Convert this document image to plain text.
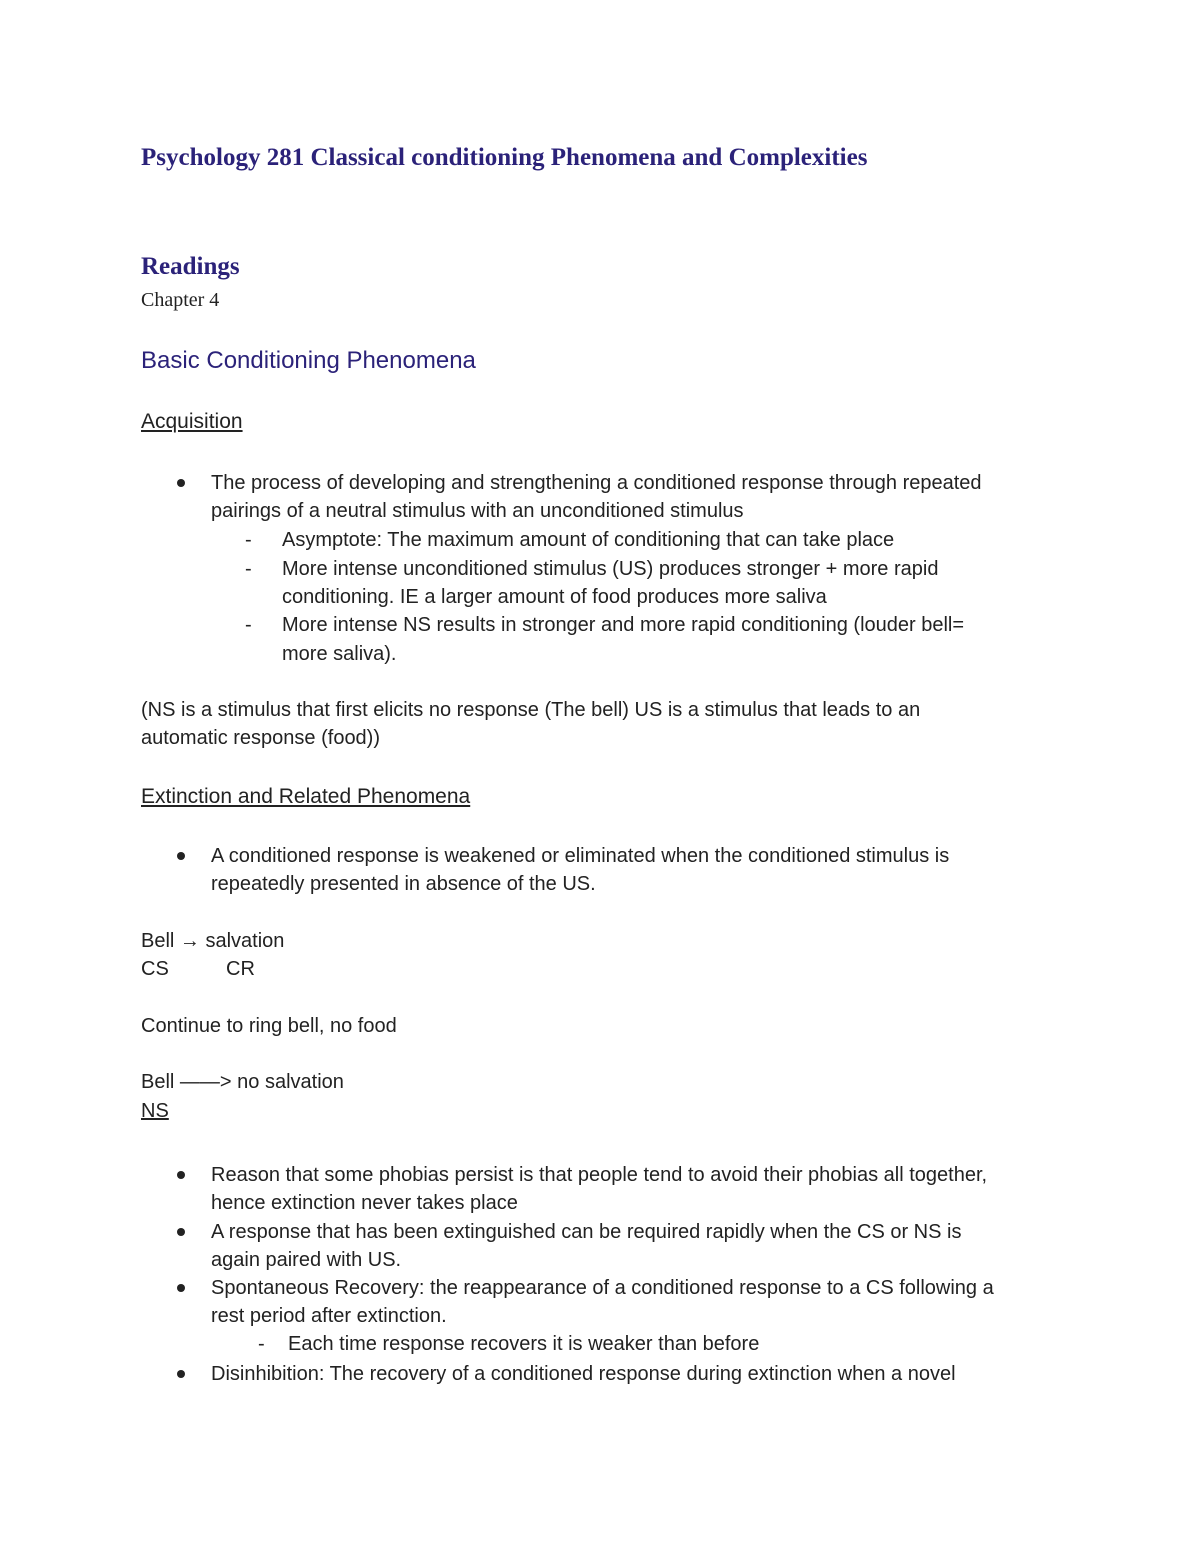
Psychology 281 Classical conditioning Phenomena and Complexities

Readings

Chapter 4

Basic Conditioning Phenomena

Acquisition

The process of developing and strengthening a conditioned response through repeated

pairings of a neutral stimulus with an unconditioned stimulus

- Asymptote: The maximum amount of conditioning that can take place

- More intense unconditioned stimulus (US) produces stronger + more rapid

conditioning. IE a larger amount of food produces more saliva

- More intense NS results in stronger and more rapid conditioning (louder bell=

more saliva).

(NS is a stimulus that first elicits no response (The bell) US is a stimulus that leads to an

automatic response (food))

Extinction and Related Phenomena

A conditioned response is weakened or eliminated when the conditioned stimulus is

repeatedly presented in absence of the US.

Bell → salvation

CS	CR

Continue to ring bell, no food

Bell ——> no salvation

NS

Reason that some phobias persist is that people tend to avoid their phobias all together,

hence extinction never takes place

A response that has been extinguished can be required rapidly when the CS or NS is

again paired with US.

Spontaneous Recovery: the reappearance of a conditioned response to a CS following a

rest period after extinction.

- Each time response recovers it is weaker than before

Disinhibition: The recovery of a conditioned response during extinction when a novel
